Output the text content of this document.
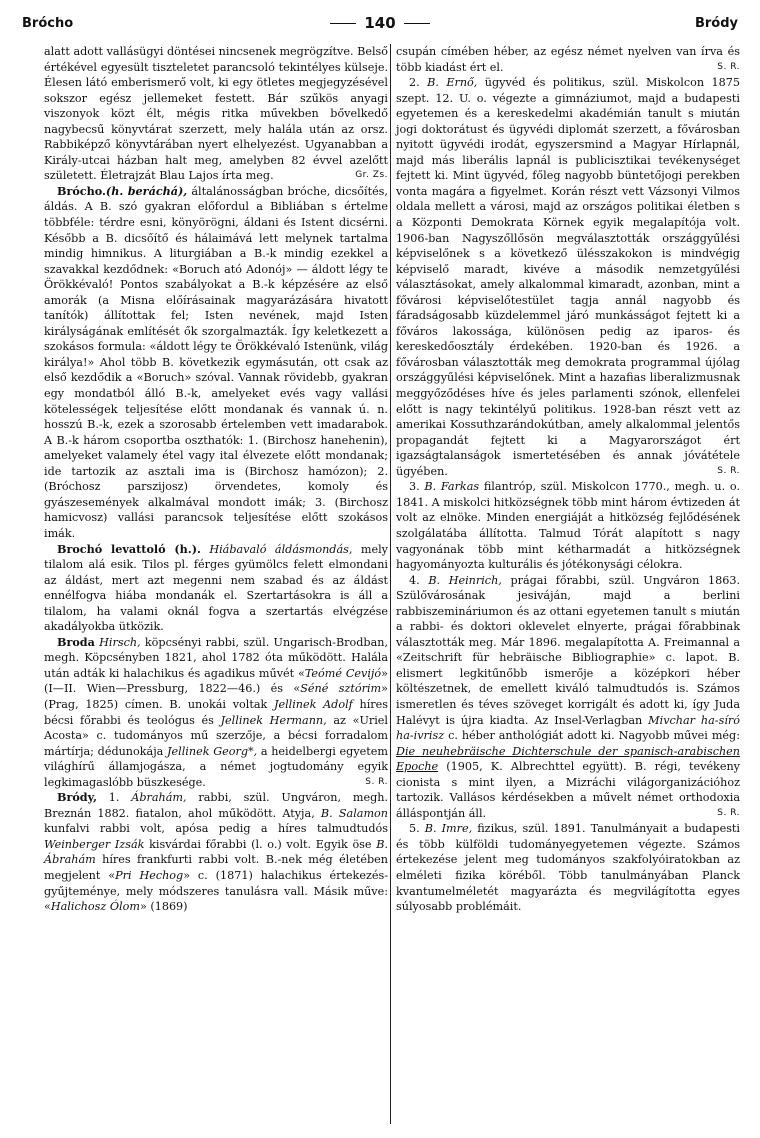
Brócho	140	Bródy

alatt adott vallásügyi döntései nincsenek megrögzítve. Belső értékével egyesült tiszteletet parancsoló tekintélyes külseje. Élesen látó emberismerő volt, ki egy ötletes megjegyzésével sokszor egész jellemeket festett. Bár szűkös anyagi viszonyok közt élt, mégis ritka művekben bővelkedő nagybecsű könyvtárat szerzett, mely halála után az orsz. Rabbiképző könyvtárában nyert elhelyezést. Ugyanabban a Király-utcai házban halt meg, amelyben 82 évvel azelőtt született. Életrajzát Blau Lajos írta meg.	Gr. Zs.

Brócho.(h. beráchá), általánosságban bróche, dicsőítés, áldás. A B. szó gyakran előfordul a Bibliában s értelme többféle: térdre esni, könyörögni, áldani és Istent dicsérni. Később a B. dicsőítő és hálaimává lett melynek tartalma mindig himnikus. A liturgiában a B.-k mindig ezekkel a szavakkal kezdődnek: «Boruch ató Adonój» — áldott légy te Örökkévaló! Pontos szabályokat a B.-k képzésére az első amorák (a Misna előírásainak magyarázására hivatott tanítók) állítottak fel; Isten nevének, majd Isten királyságának említését ők szorgalmazták. Így keletkezett a szokásos formula: «áldott légy te Örökkévaló Istenünk, világ királya!» Ahol több B. következik egymásután, ott csak az első kezdődik a «Boruch» szóval. Vannak rövidebb, gyakran egy mondatból álló B.-k, amelyeket evés vagy vallási kötelességek teljesítése előtt mondanak és vannak ú. n. hosszú B.-k, ezek a szorosabb értelemben vett imadarabok. A B.-k három csoportba oszthatók: 1. (Birchosz hanehenin), amelyeket valamely étel vagy ital élvezete előtt mondanak; ide tartozik az asztali ima is (Birchosz hamózon); 2. (Bróchosz parszijosz) örvendetes, komoly és gyászesemények alkalmával mondott imák; 3. (Birchosz hamicvosz) vallási parancsok teljesítése előtt szokásos imák.

Brochó levattoló (h.). Hiábavaló áldásmondás, mely tilalom alá esik. Tilos pl. férges gyümölcs felett elmondani az áldást, mert azt megenni nem szabad és az áldást ennélfogva hiába mondanák el. Szertartásokra is áll a tilalom, ha valami oknál fogva a szertartás elvégzése akadályokba ütközik.

Broda Hirsch, köpcsényi rabbi, szül. Ungarisch-Brodban, megh. Köpcsényben 1821, ahol 1782 óta működött. Halála után adták ki halachikus és agadikus művét «Teómé Cevijó» (I—II. Wien—Pressburg, 1822—46.) és «Séné sztórim» (Prag, 1825) címen. B. unokái voltak Jellinek Adolf híres bécsi főrabbi és teológus és Jellinek Hermann, az «Uriel Acosta» c. tudományos mű szerzője, a bécsi forradalom mártírja; dédunokája Jellinek Georg*, a heidelbergi egyetem világhírű államjogásza, a német jogtudomány egyik legkimagaslóbb büszkesége.	S. R.

Bródy, 1. Ábrahám, rabbi, szül. Ungváron, megh. Breznán 1882. fiatalon, ahol működött. Atyja, B. Salamon kunfalvi rabbi volt, apósa pedig a híres talmudtudós Weinberger Izsák kisvárdai főrabbi (l. o.) volt. Egyik öse B. Ábrahám híres frankfurti rabbi volt. B.-nek még életében megjelent «Pri Hechog» c. (1871) halachikus értekezés-gyűjteménye, mely módszeres tanulásra vall. Másik műve: «Halichosz Ólom» (1869)

csupán címében héber, az egész német nyelven van írva és több kiadást ért el.	S. R.

2. B. Ernő, ügyvéd és politikus, szül. Miskolcon 1875 szept. 12. U. o. végezte a gimnáziumot, majd a budapesti egyetemen és a kereskedelmi akadémián tanult s miután jogi doktorátust és ügyvédi diplomát szerzett, a fővárosban nyitott ügyvédi irodát, egyszersmind a Magyar Hírlapnál, majd más liberális lapnál is publicisztikai tevékenységet fejtett ki. Mint ügyvéd, főleg nagyobb büntetőjogi perekben vonta magára a figyelmet. Korán részt vett Vázsonyi Vilmos oldala mellett a városi, majd az országos politikai életben s a Központi Demokrata Körnek egyik megalapítója volt. 1906-ban Nagyszőllősön megválasztották országgyűlési képviselőnek s a következő ülésszakokon is mindvégig képviselő maradt, kivéve a második nemzetgyűlési választásokat, amely alkalommal kimaradt, azonban, mint a fővárosi képviselőtestület tagja annál nagyobb és fáradságosabb küzdelemmel járó munkásságot fejtett ki a főváros lakossága, különösen pedig az iparos- és kereskedőosztály érdekében. 1920-ban és 1926. a fővárosban választották meg demokrata programmal újólag országgyűlési képviselőnek. Mint a hazafias liberalizmusnak meggyőződéses híve és jeles parlamenti szónok, ellenfelei előtt is nagy tekintélyű politikus. 1928-ban részt vett az amerikai Kossuthzarándokútban, amely alkalommal jelentős propagandát fejtett ki a Magyarországot ért igazságtalanságok ismertetésében és annak jóvátétele ügyében.	S. R.

3. B. Farkas filantróp, szül. Miskolcon 1770., megh. u. o. 1841. A miskolci hitközségnek több mint három évtizeden át volt az elnöke. Minden energiáját a hitközség fejlődésének szolgálatába állította. Talmud Tórát alapított s nagy vagyonának több mint kétharmadát a hitközségnek hagyományozta kulturális és jótékonysági célokra.

4. B. Heinrich, prágai főrabbi, szül. Ungváron 1863. Szülővárosának jesiváján, majd a berlini rabbiszemináriumon és az ottani egyetemen tanult s miután a rabbi- és doktori oklevelet elnyerte, prágai főrabbinak választották meg. Már 1896. megalapította A. Freimannal a «Zeitschrift für hebräische Bibliographie» c. lapot. B. elismert legkitűnőbb ismerője a középkori héber költészetnek, de emellett kiváló talmudtudós is. Számos ismeretlen és téves szöveget korrigált és adott ki, így Juda Halévyt is újra kiadta. Az Insel-Verlagban Mivchar ha-síró ha-ivrisz c. héber anthológiát adott ki. Nagyobb művei még: Die neuhebräische Dichterschule der spanisch-arabischen Epoche (1905, K. Albrechttel együtt). B. régi, tevékeny cionista s mint ilyen, a Mizráchi világorganizációhoz tartozik. Vallásos kérdésekben a művelt német orthodoxia álláspontján áll.	S. R.

5. B. Imre, fizikus, szül. 1891. Tanulmányait a budapesti és több külföldi tudományegyetemen végezte. Számos értekezése jelent meg tudományos szakfolyóiratokban az elméleti fizika köréből. Több tanulmányában Planck kvantumelméletét magyarázta és megvilágította egyes súlyosabb problémáit.
